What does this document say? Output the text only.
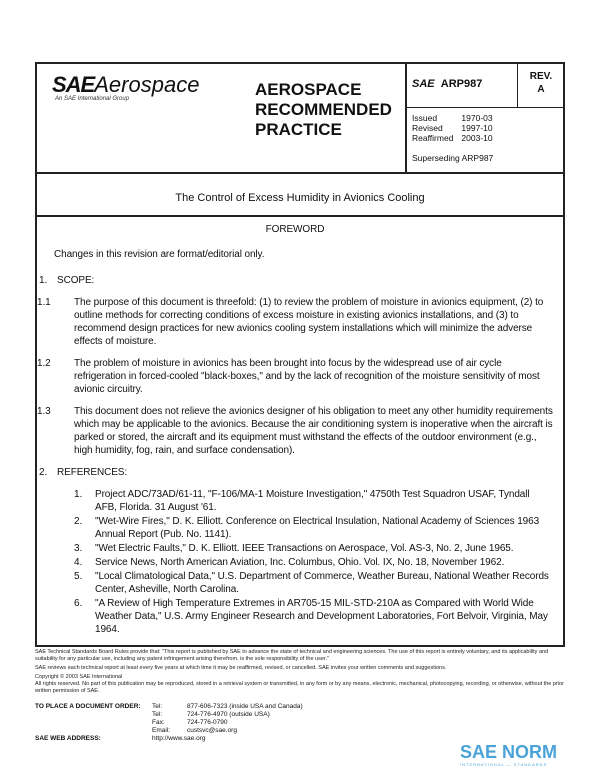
SAEAerospace
An SAE International Group	AEROSPACE
RECOMMENDED
PRACTICE
SAE ARP987
REV.
A
Issued	1970-03
Revised	1997-10
Reaffirmed	2003-10
Superseding ARP987
The Control of Excess Humidity in Avionics Cooling
FOREWORD
Changes in this revision are format/editorial only.
1. SCOPE:
1.1	The purpose of this document is threefold: (1) to review the problem of moisture in avionics equipment, (2) to outline methods for correcting conditions of excess moisture in existing avionics installations, and (3) to recommend design practices for new avionics cooling system installations which will minimize the adverse effects of moisture.
1.2	The problem of moisture in avionics has been brought into focus by the widespread use of air cycle refrigeration in forced-cooled "black-boxes," and by the lack of recognition of the moisture sensitivity of most avionic circuitry.
1.3	This document does not relieve the avionics designer of his obligation to meet any other humidity requirements which may be applicable to the avionics. Because the air conditioning system is inoperative when the aircraft is parked or stored, the aircraft and its equipment must withstand the effects of the outdoor environment (e.g., high humidity, fog, rain, and surface condensation).
2. REFERENCES:
1.	Project ADC/73AD/61-11, "F-106/MA-1 Moisture Investigation," 4750th Test Squadron USAF, Tyndall AFB, Florida. 31 August '61.
2.	"Wet-Wire Fires," D. K. Elliott. Conference on Electrical Insulation, National Academy of Sciences 1963 Annual Report (Pub. No. 1141).
3.	"Wet Electric Faults," D. K. Elliott. IEEE Transactions on Aerospace, Vol. AS-3, No. 2, June 1965.
4.	Service News, North American Aviation, Inc. Columbus, Ohio. Vol. IX, No. 18, November 1962.
5.	"Local Climatological Data," U.S. Department of Commerce, Weather Bureau, National Weather Records Center, Asheville, North Carolina.
6.	"A Review of High Temperature Extremes in AR705-15 MIL-STD-210A as Compared with World Wide Weather Data," U.S. Army Engineer Research and Development Laboratories, Fort Belvoir, Virginia, May 1964.
SAE Technical Standards Board Rules provide that: "This report is published by SAE to advance the state of technical and engineering sciences. The use of this report is entirely voluntary, and its applicability and suitability for any particular use, including any patent infringement arising therefrom, is the sole responsibility of the user."
SAE reviews each technical report at least every five years at which time it may be reaffirmed, revised, or cancelled. SAE invites your written comments and suggestions.
Copyright © 2003 SAE International
All rights reserved. No part of this publication may be reproduced, stored in a retrieval system or transmitted, in any form or by any means, electronic, mechanical, photocopying, recording, or otherwise, without the prior written permission of SAE.
TO PLACE A DOCUMENT ORDER:	Tel:	877-606-7323 (inside USA and Canada)
Tel:	724-776-4970 (outside USA)
Fax:	724-776-0790
Email:	custsvc@sae.org
SAE WEB ADDRESS:	http://www.sae.org
SAE NORM
INTERNATIONAL — STANDARDS
